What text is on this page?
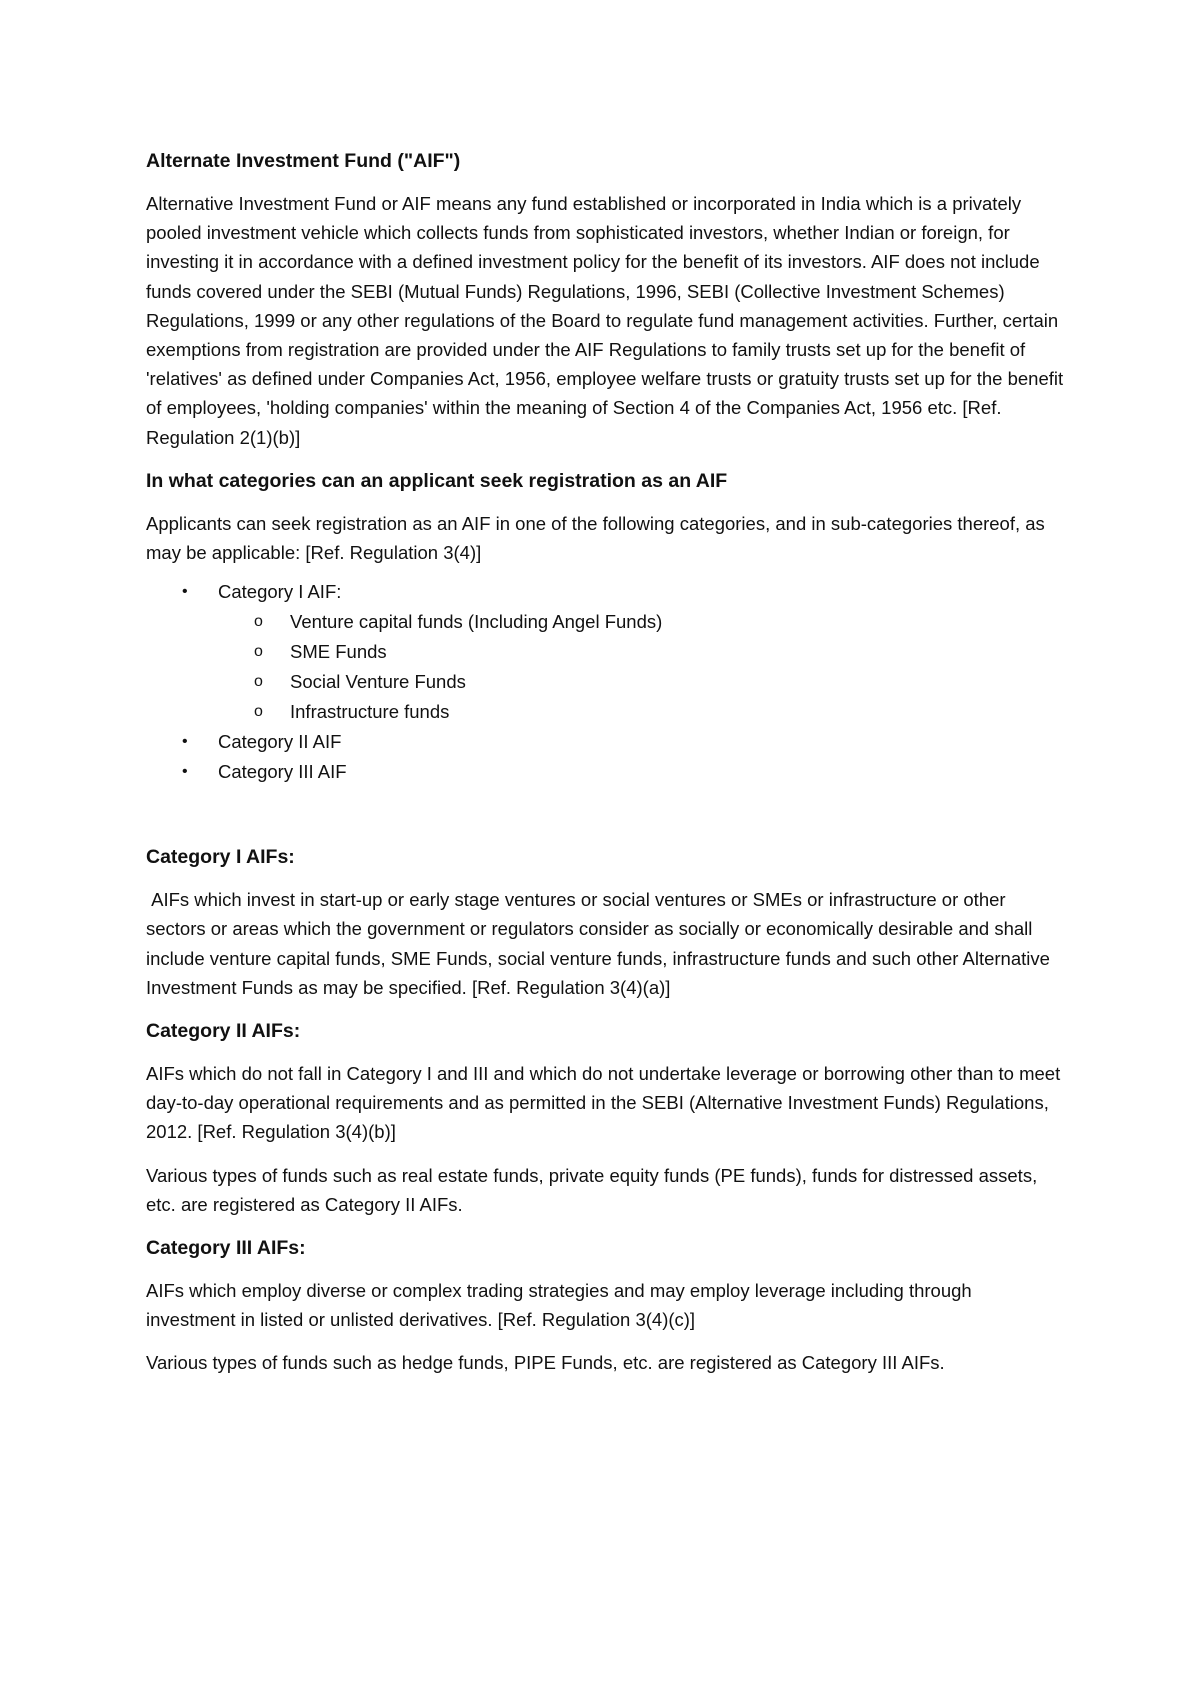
Alternate Investment Fund ("AIF")

Alternative Investment Fund or AIF means any fund established or incorporated in India which is a privately pooled investment vehicle which collects funds from sophisticated investors, whether Indian or foreign, for investing it in accordance with a defined investment policy for the benefit of its investors. AIF does not include funds covered under the SEBI (Mutual Funds) Regulations, 1996, SEBI (Collective Investment Schemes) Regulations, 1999 or any other regulations of the Board to regulate fund management activities. Further, certain exemptions from registration are provided under the AIF Regulations to family trusts set up for the benefit of 'relatives' as defined under Companies Act, 1956, employee welfare trusts or gratuity trusts set up for the benefit of employees, 'holding companies' within the meaning of Section 4 of the Companies Act, 1956 etc. [Ref. Regulation 2(1)(b)]

In what categories can an applicant seek registration as an AIF

Applicants can seek registration as an AIF in one of the following categories, and in sub-categories thereof, as may be applicable: [Ref. Regulation 3(4)]

• Category I AIF:
o Venture capital funds (Including Angel Funds)
o SME Funds
o Social Venture Funds
o Infrastructure funds
• Category II AIF
• Category III AIF
Category I AIFs:

AIFs which invest in start-up or early stage ventures or social ventures or SMEs or infrastructure or other sectors or areas which the government or regulators consider as socially or economically desirable and shall include venture capital funds, SME Funds, social venture funds, infrastructure funds and such other Alternative Investment Funds as may be specified. [Ref. Regulation 3(4)(a)]

Category II AIFs:

AIFs which do not fall in Category I and III and which do not undertake leverage or borrowing other than to meet day-to-day operational requirements and as permitted in the SEBI (Alternative Investment Funds) Regulations, 2012. [Ref. Regulation 3(4)(b)]

Various types of funds such as real estate funds, private equity funds (PE funds), funds for distressed assets, etc. are registered as Category II AIFs.

Category III AIFs:

AIFs which employ diverse or complex trading strategies and may employ leverage including through investment in listed or unlisted derivatives. [Ref. Regulation 3(4)(c)]

Various types of funds such as hedge funds, PIPE Funds, etc. are registered as Category III AIFs.
